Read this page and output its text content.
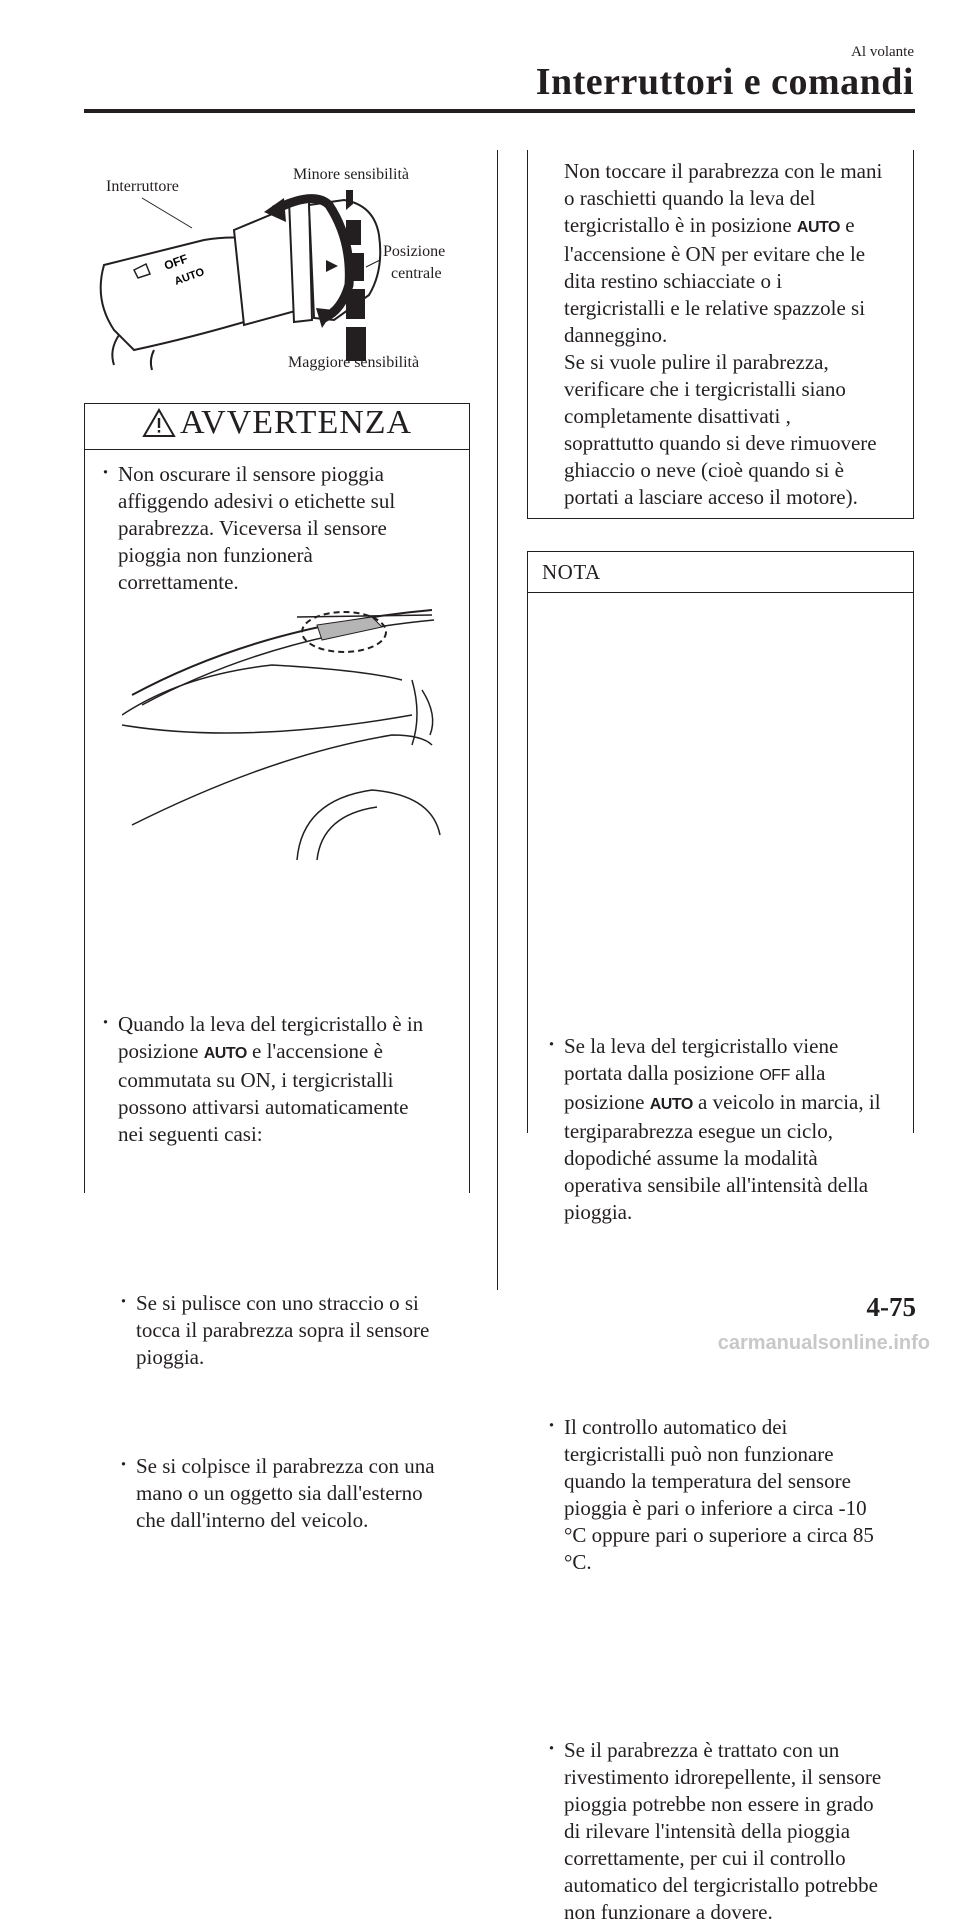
Al volante
Interruttori e comandi
OFF
AUTO
Interruttore
Minore sensibilità
Posizione
centrale
Maggiore sensibilità
AVVERTENZA
· Non oscurare il sensore pioggia
affiggendo adesivi o etichette sul
parabrezza. Viceversa il sensore
pioggia non funzionerà
correttamente.
· Quando la leva del tergicristallo è in
posizione AUTO e l'accensione è
commutata su ON, i tergicristalli
possono attivarsi automaticamente
nei seguenti casi:
· Se si pulisce con uno straccio o si
tocca il parabrezza sopra il sensore
pioggia.
· Se si colpisce il parabrezza con una
mano o un oggetto sia dall'esterno
che dall'interno del veicolo.
Non toccare il parabrezza con le mani
o raschietti quando la leva del
tergicristallo è in posizione AUTO e
l'accensione è ON per evitare che le
dita restino schiacciate o i
tergicristalli e le relative spazzole si
danneggino.
Se si vuole pulire il parabrezza,
verificare che i tergicristalli siano
completamente disattivati ,
soprattutto quando si deve rimuovere
ghiaccio o neve (cioè quando si è
portati a lasciare acceso il motore).
NOTA
· Se la leva del tergicristallo viene
portata dalla posizione OFF alla
posizione AUTO a veicolo in marcia, il
tergiparabrezza esegue un ciclo,
dopodiché assume la modalità
operativa sensibile all'intensità della
pioggia.
· Il controllo automatico dei
tergicristalli può non funzionare
quando la temperatura del sensore
pioggia è pari o inferiore a circa -10
°C oppure pari o superiore a circa 85
°C.
· Se il parabrezza è trattato con un
rivestimento idrorepellente, il sensore
pioggia potrebbe non essere in grado
di rilevare l'intensità della pioggia
correttamente, per cui il controllo
automatico del tergicristallo potrebbe
non funzionare a dovere.
4-75
carmanualsonline.info
